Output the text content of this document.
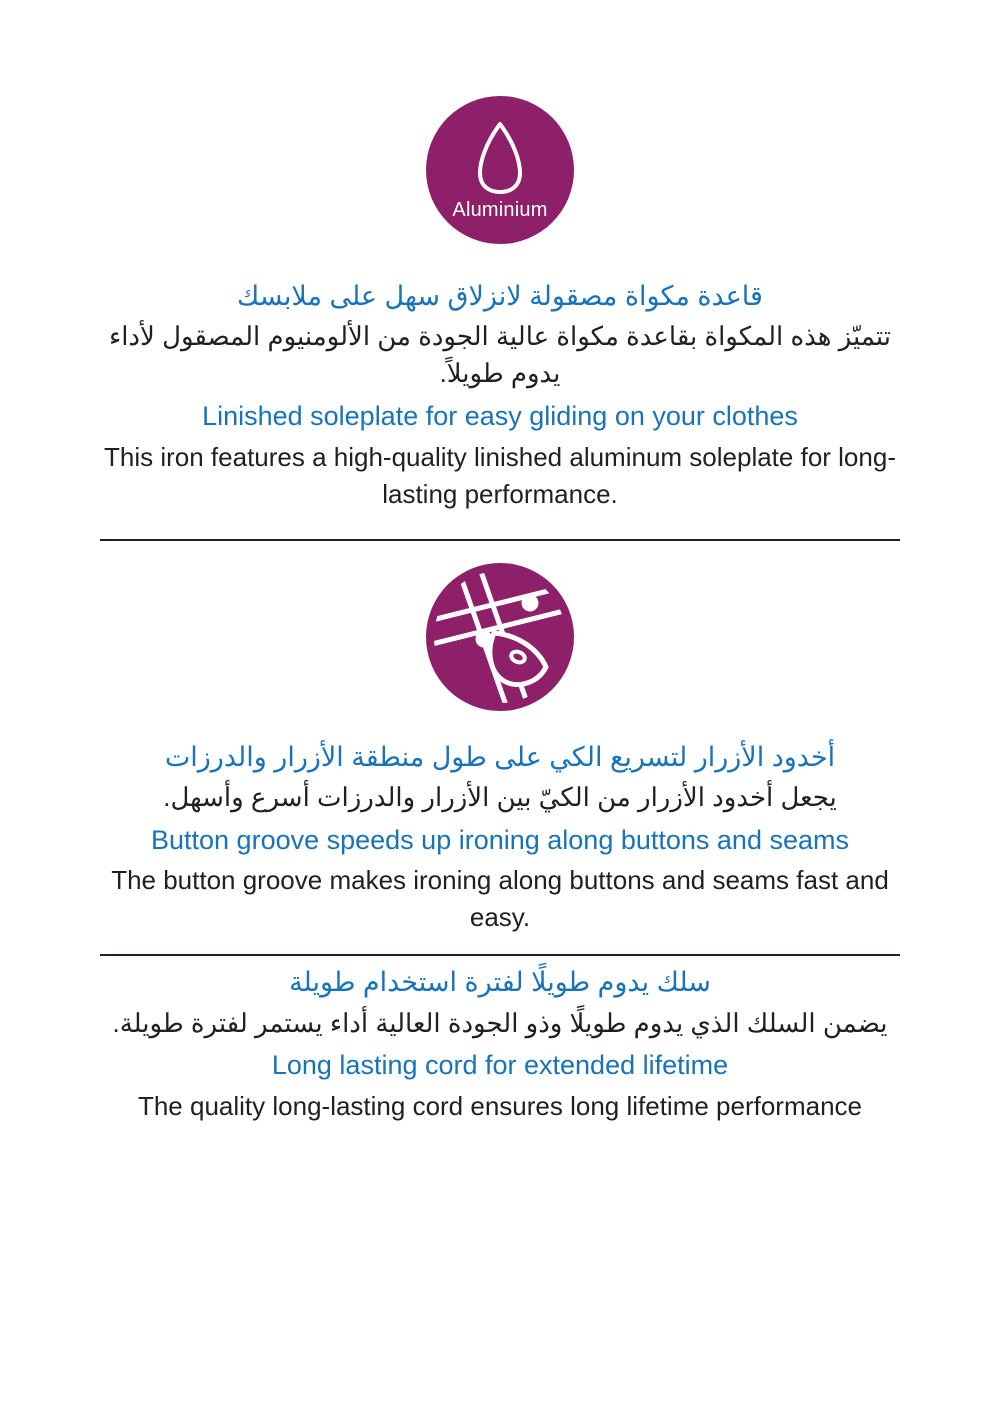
Aluminium

قاعدة مكواة مصقولة لانزلاق سهل على ملابسك

تتميّز هذه المكواة بقاعدة مكواة عالية الجودة من الألومنيوم المصقول لأداء يدوم طويلاً.

Linished soleplate for easy gliding on your clothes

This iron features a high-quality linished aluminum soleplate for long-lasting performance.

أخدود الأزرار لتسريع الكي على طول منطقة الأزرار والدرزات

يجعل أخدود الأزرار من الكيّ بين الأزرار والدرزات أسرع وأسهل.

Button groove speeds up ironing along buttons and seams

The button groove makes ironing along buttons and seams fast and easy.

سلك يدوم طويلًا لفترة استخدام طويلة

يضمن السلك الذي يدوم طويلًا وذو الجودة العالية أداء يستمر لفترة طويلة.

Long lasting cord for extended lifetime

The quality long-lasting cord ensures long lifetime performance
